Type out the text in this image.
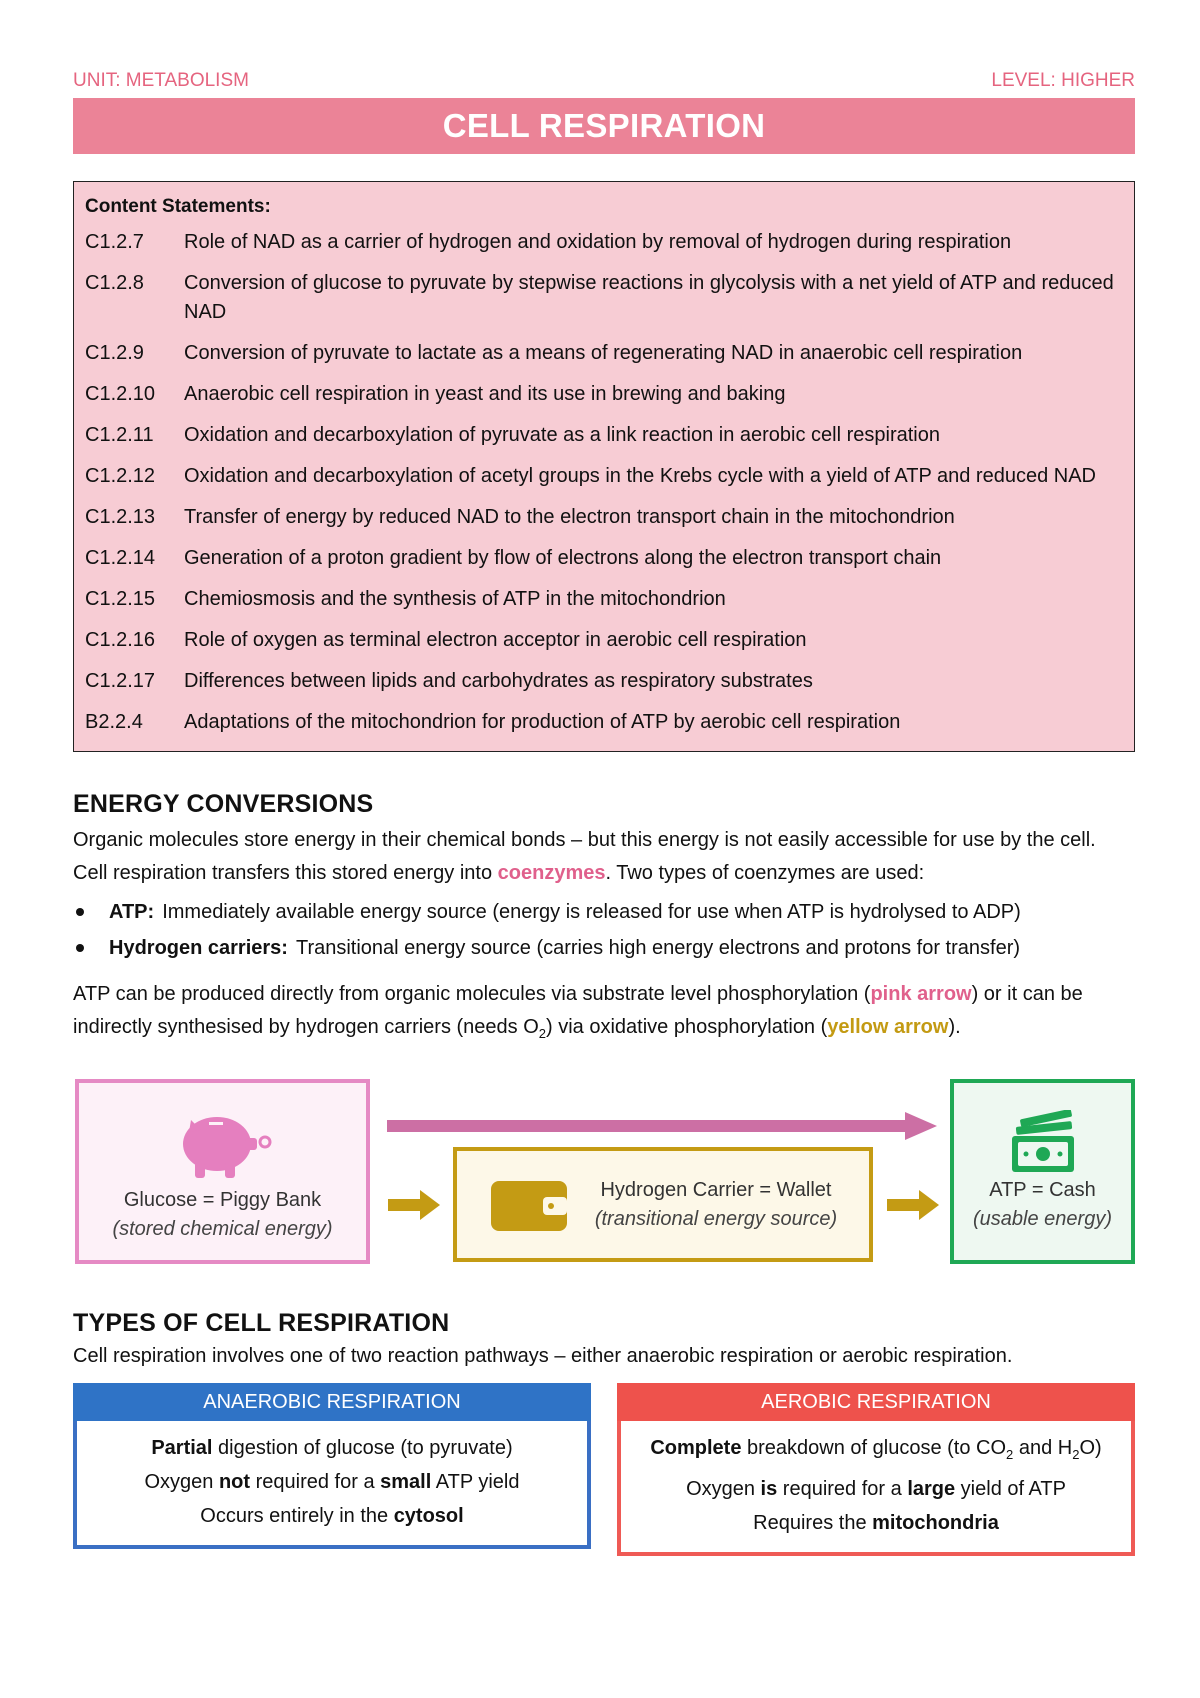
UNIT: METABOLISM	LEVEL: HIGHER
CELL RESPIRATION
Content Statements:
C1.2.7	Role of NAD as a carrier of hydrogen and oxidation by removal of hydrogen during respiration
C1.2.8	Conversion of glucose to pyruvate by stepwise reactions in glycolysis with a net yield of ATP and reduced NAD
C1.2.9	Conversion of pyruvate to lactate as a means of regenerating NAD in anaerobic cell respiration
C1.2.10	Anaerobic cell respiration in yeast and its use in brewing and baking
C1.2.11	Oxidation and decarboxylation of pyruvate as a link reaction in aerobic cell respiration
C1.2.12	Oxidation and decarboxylation of acetyl groups in the Krebs cycle with a yield of ATP and reduced NAD
C1.2.13	Transfer of energy by reduced NAD to the electron transport chain in the mitochondrion
C1.2.14	Generation of a proton gradient by flow of electrons along the electron transport chain
C1.2.15	Chemiosmosis and the synthesis of ATP in the mitochondrion
C1.2.16	Role of oxygen as terminal electron acceptor in aerobic cell respiration
C1.2.17	Differences between lipids and carbohydrates as respiratory substrates
B2.2.4	Adaptations of the mitochondrion for production of ATP by aerobic cell respiration
ENERGY CONVERSIONS

Organic molecules store energy in their chemical bonds – but this energy is not easily accessible for use by the cell. Cell respiration transfers this stored energy into coenzymes. Two types of coenzymes are used:

ATP: Immediately available energy source (energy is released for use when ATP is hydrolysed to ADP)
Hydrogen carriers: Transitional energy source (carries high energy electrons and protons for transfer)

ATP can be produced directly from organic molecules via substrate level phosphorylation (pink arrow) or it can be indirectly synthesised by hydrogen carriers (needs $O_2$) via oxidative phosphorylation (yellow arrow).

Glucose = Piggy Bank
(stored chemical energy)
Hydrogen Carrier = Wallet
(transitional energy source)
ATP = Cash
(usable energy)
TYPES OF CELL RESPIRATION

Cell respiration involves one of two reaction pathways – either anaerobic respiration or aerobic respiration.

ANAEROBIC RESPIRATION
Partial digestion of glucose (to pyruvate)
Oxygen not required for a small ATP yield
Occurs entirely in the cytosol
AEROBIC RESPIRATION
Complete breakdown of glucose (to $CO_2$ and $H_2O$)
Oxygen is required for a large yield of ATP
Requires the mitochondria
